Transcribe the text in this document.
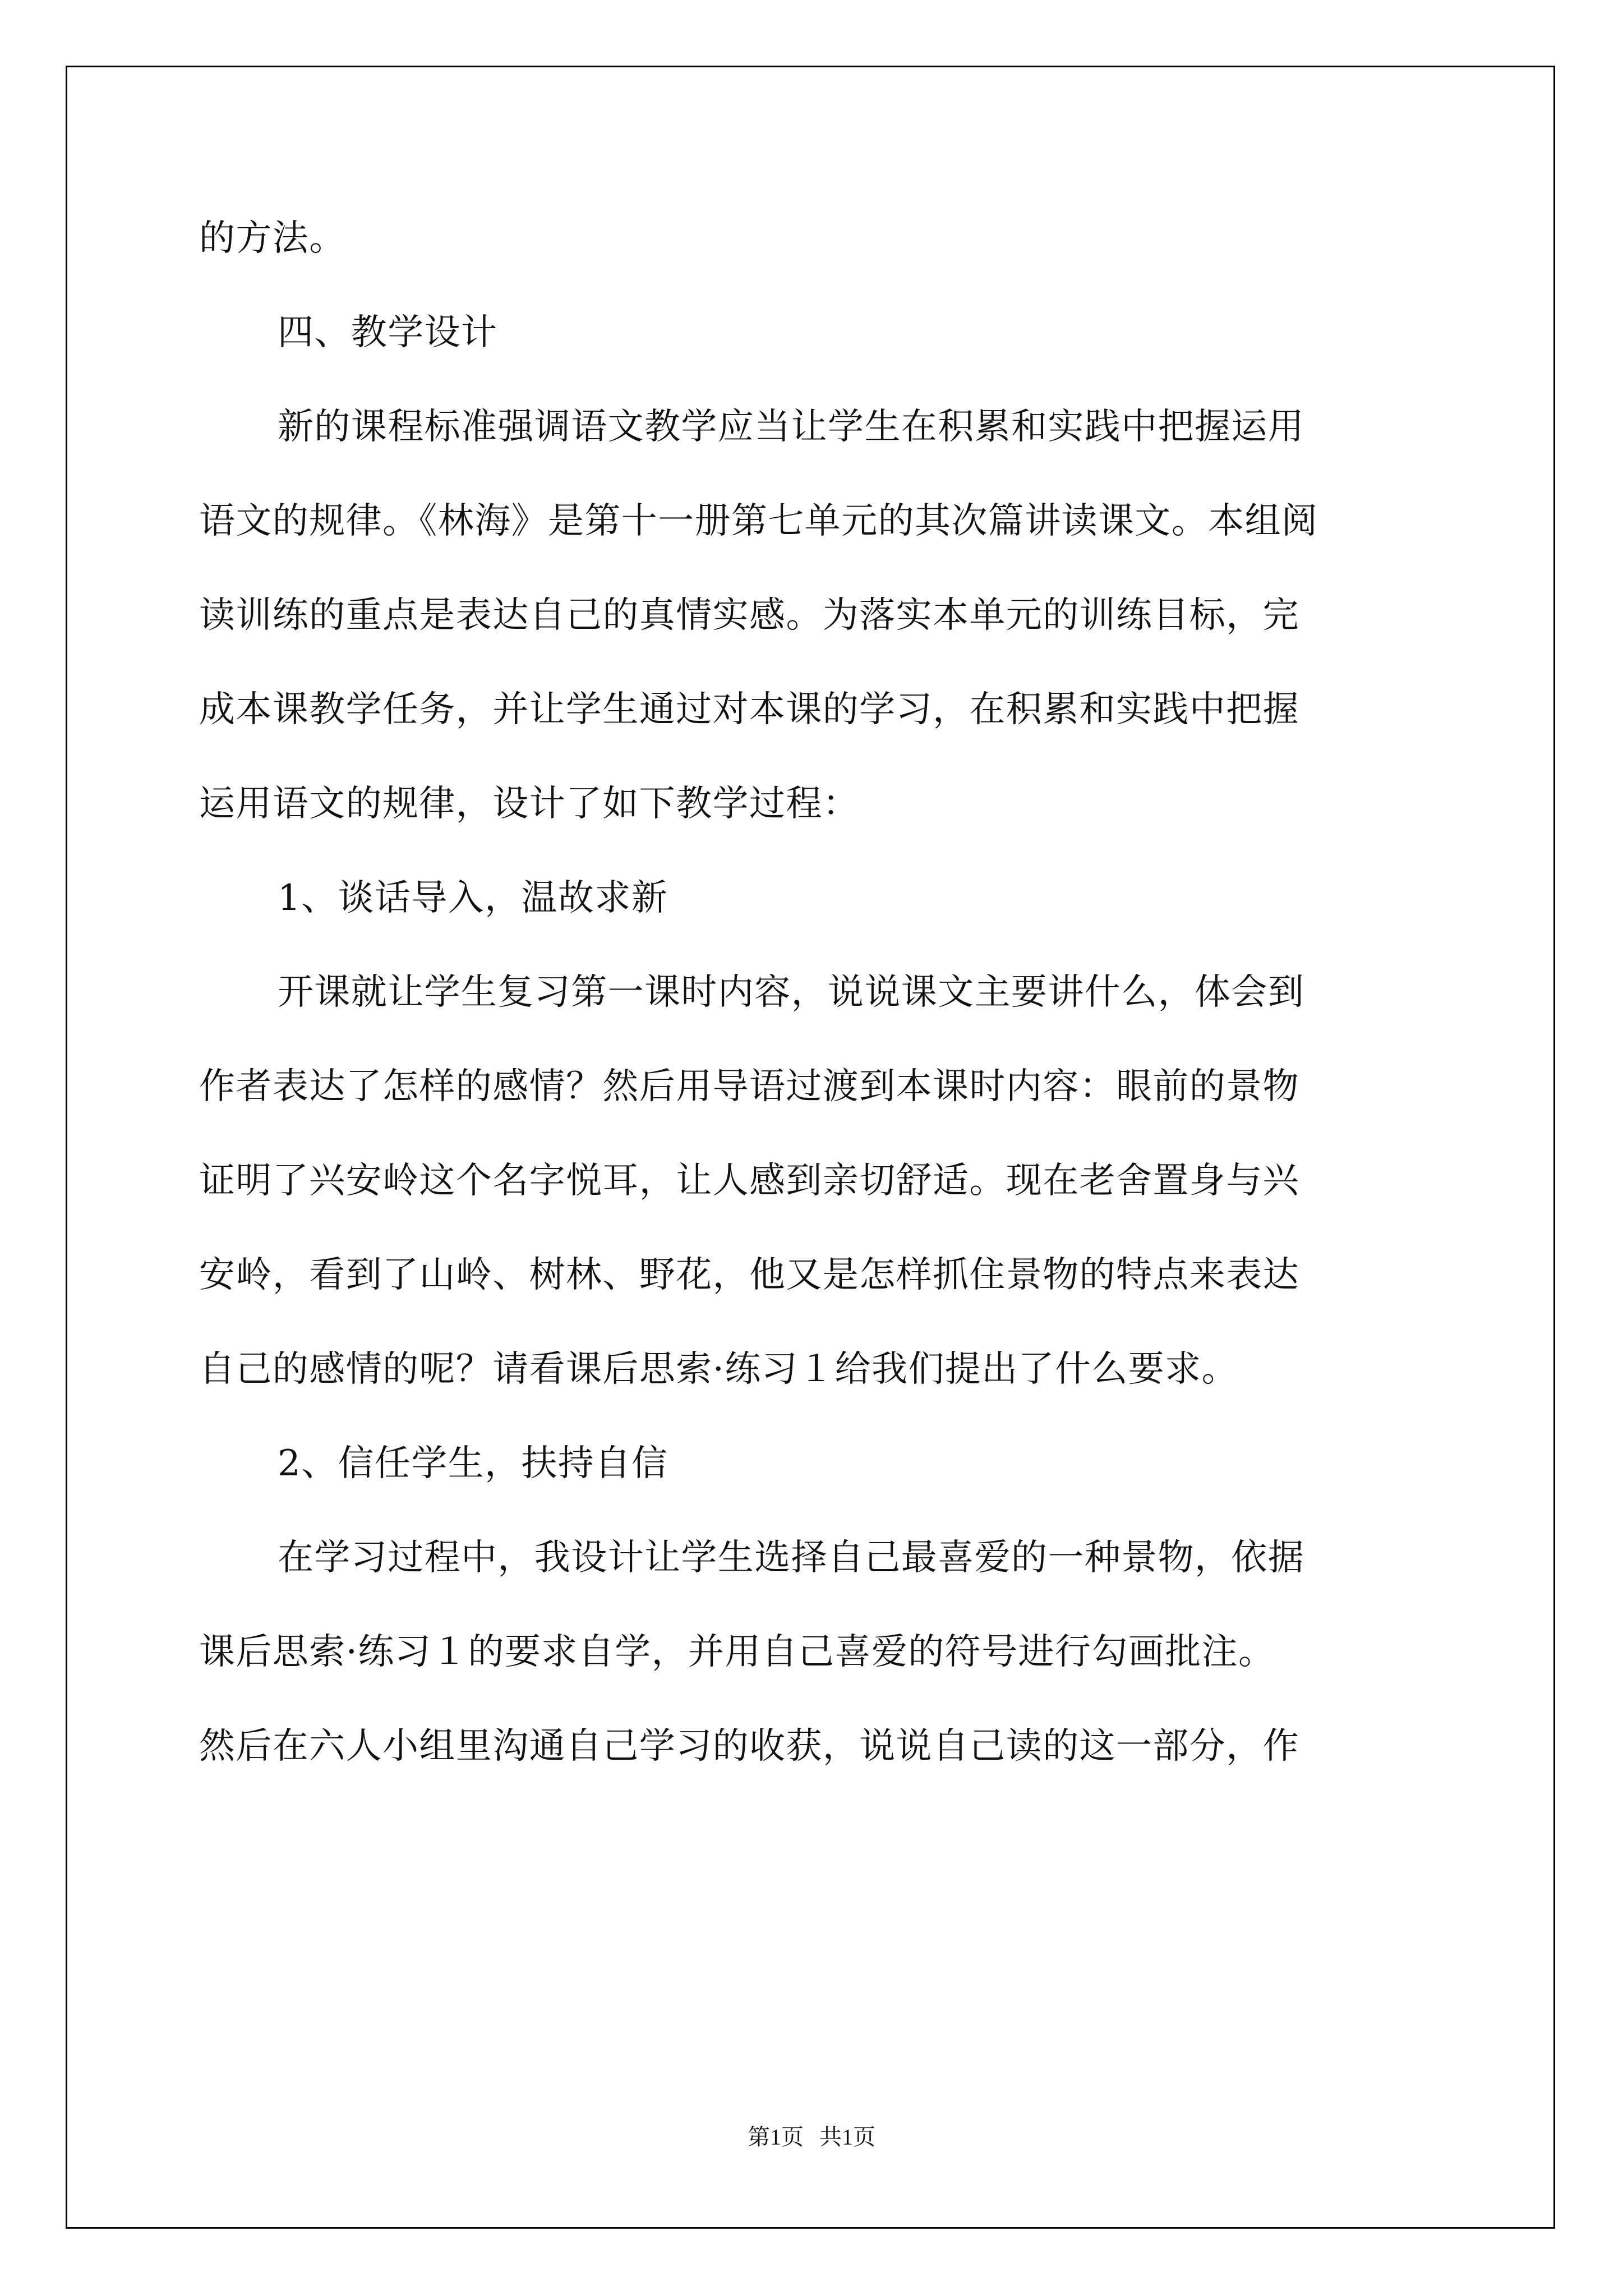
的方法。
四、教学设计
新的课程标准强调语文教学应当让学生在积累和实践中把握运用
语文的规律。《林海》是第十一册第七单元的其次篇讲读课文。本组阅
读训练的重点是表达自己的真情实感。为落实本单元的训练目标，完
成本课教学任务，并让学生通过对本课的学习，在积累和实践中把握
运用语文的规律，设计了如下教学过程：
1、谈话导入，温故求新
开课就让学生复习第一课时内容，说说课文主要讲什么，体会到
作者表达了怎样的感情？然后用导语过渡到本课时内容：眼前的景物
证明了兴安岭这个名字悦耳，让人感到亲切舒适。现在老舍置身与兴
安岭，看到了山岭、树林、野花，他又是怎样抓住景物的特点来表达
自己的感情的呢？请看课后思索·练习１给我们提出了什么要求。
2、信任学生，扶持自信
在学习过程中，我设计让学生选择自己最喜爱的一种景物，依据
课后思索·练习１的要求自学，并用自己喜爱的符号进行勾画批注。
然后在六人小组里沟通自己学习的收获，说说自己读的这一部分，作
第1页 共1页
